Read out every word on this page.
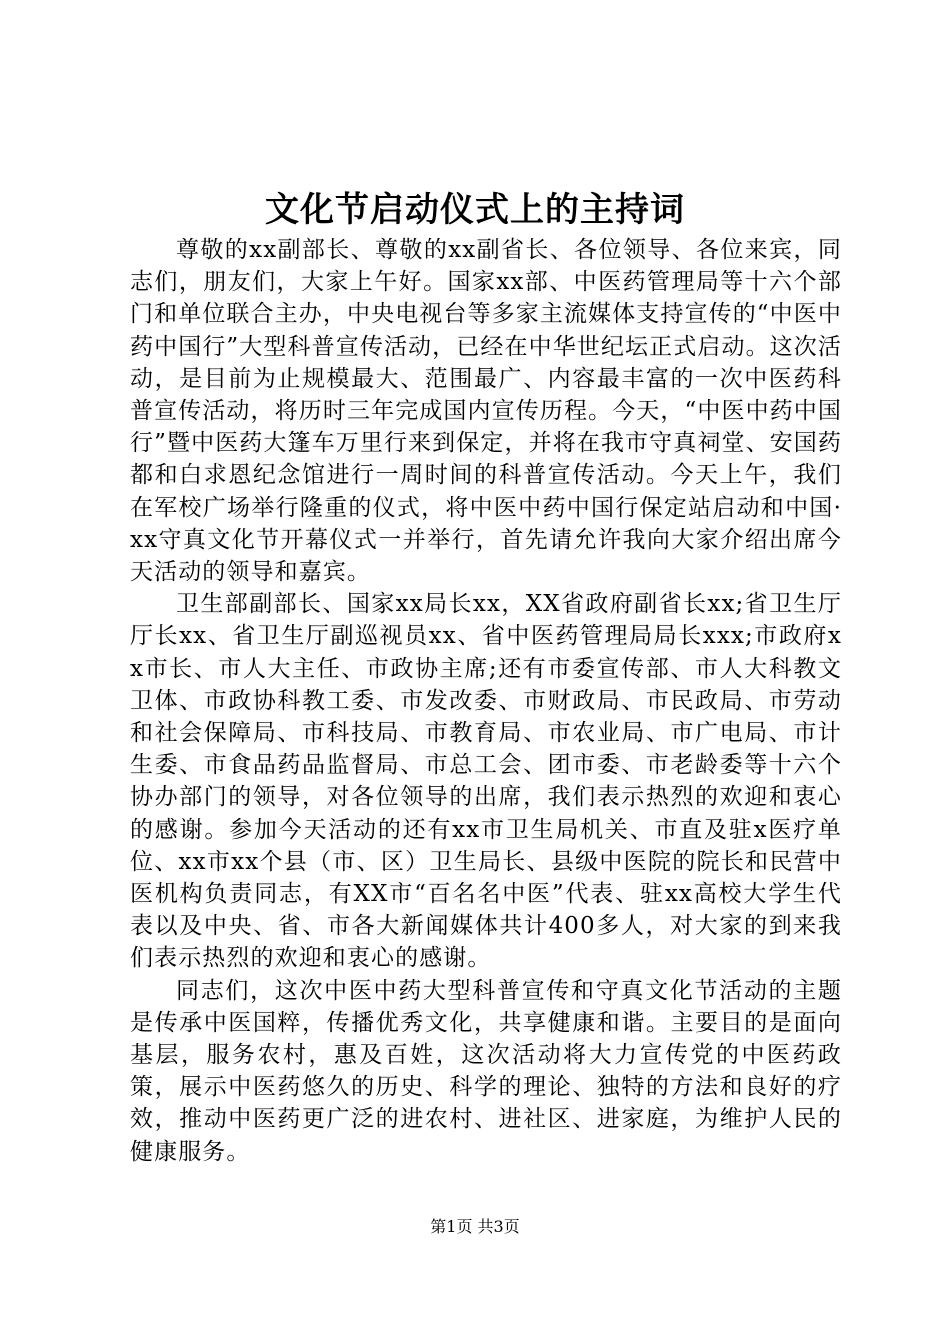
文化节启动仪式上的主持词

尊敬的xx副部长、尊敬的xx副省长、各位领导、各位来宾，同志们，朋友们，大家上午好。国家xx部、中医药管理局等十六个部门和单位联合主办，中央电视台等多家主流媒体支持宣传的“中医中药中国行”大型科普宣传活动，已经在中华世纪坛正式启动。这次活动，是目前为止规模最大、范围最广、内容最丰富的一次中医药科普宣传活动，将历时三年完成国内宣传历程。今天，“中医中药中国行”暨中医药大篷车万里行来到保定，并将在我市守真祠堂、安国药都和白求恩纪念馆进行一周时间的科普宣传活动。今天上午，我们在军校广场举行隆重的仪式，将中医中药中国行保定站启动和中国·xx守真文化节开幕仪式一并举行，首先请允许我向大家介绍出席今天活动的领导和嘉宾。

卫生部副部长、国家xx局长xx，XX省政府副省长xx;省卫生厅厅长xx、省卫生厅副巡视员xx、省中医药管理局局长xxx;市政府xx市长、市人大主任、市政协主席;还有市委宣传部、市人大科教文卫体、市政协科教工委、市发改委、市财政局、市民政局、市劳动和社会保障局、市科技局、市教育局、市农业局、市广电局、市计生委、市食品药品监督局、市总工会、团市委、市老龄委等十六个协办部门的领导，对各位领导的出席，我们表示热烈的欢迎和衷心的感谢。参加今天活动的还有xx市卫生局机关、市直及驻x医疗单位、xx市xx个县（市、区）卫生局长、县级中医院的院长和民营中医机构负责同志，有XX市“百名名中医”代表、驻xx高校大学生代表以及中央、省、市各大新闻媒体共计400多人，对大家的到来我们表示热烈的欢迎和衷心的感谢。

同志们，这次中医中药大型科普宣传和守真文化节活动的主题是传承中医国粹，传播优秀文化，共享健康和谐。主要目的是面向基层，服务农村，惠及百姓，这次活动将大力宣传党的中医药政策，展示中医药悠久的历史、科学的理论、独特的方法和良好的疗效，推动中医药更广泛的进农村、进社区、进家庭，为维护人民的健康服务。

第1页 共3页
